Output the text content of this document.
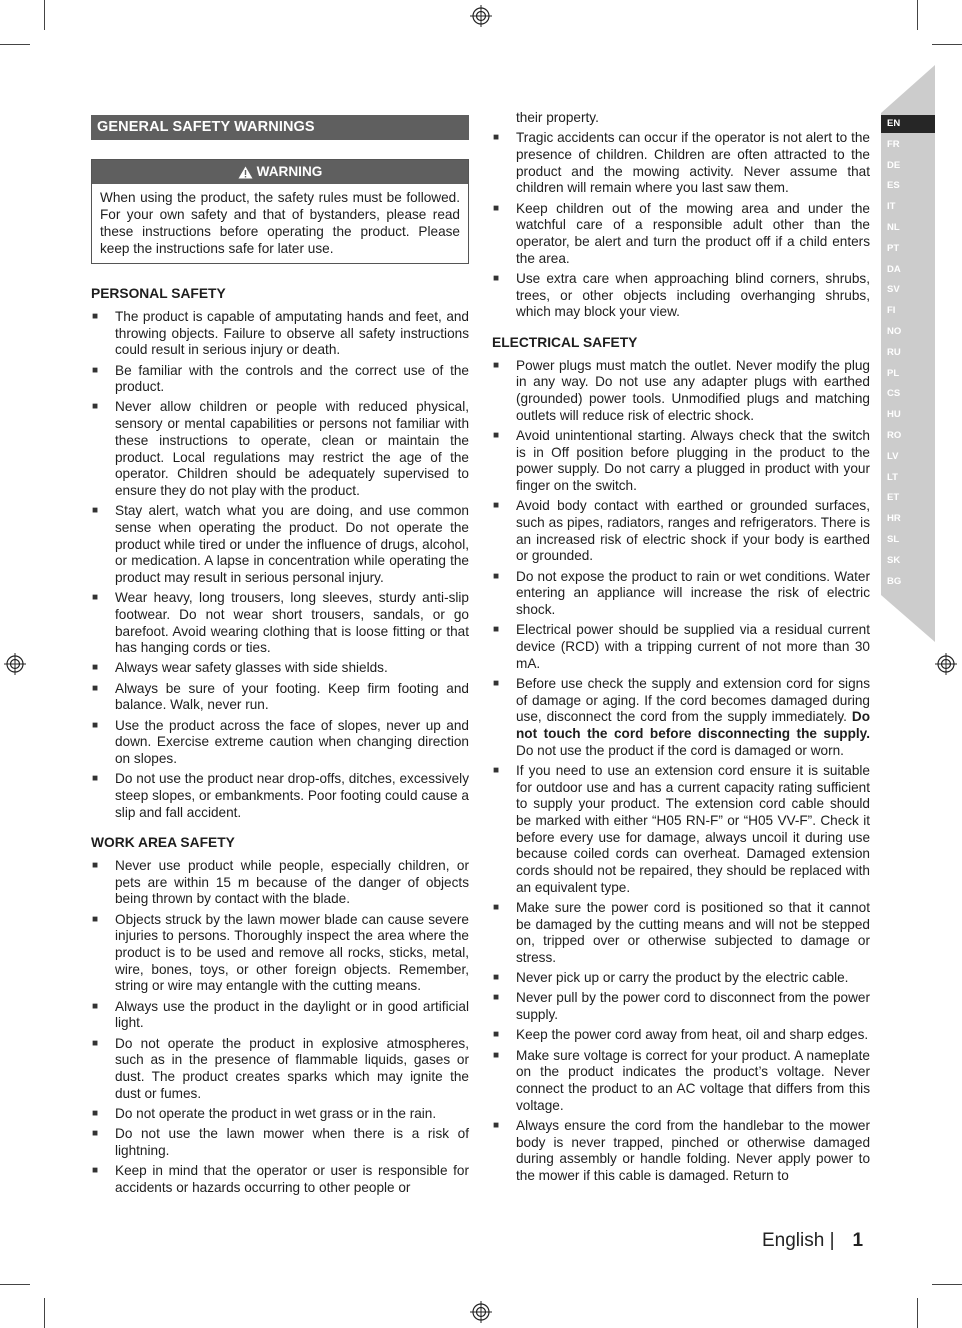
GENERAL SAFETY WARNINGS
WARNING
When using the product, the safety rules must be followed. For your own safety and that of bystanders, please read these instructions before operating the product. Please keep the instructions safe for later use.
PERSONAL SAFETY
■ The product is capable of amputating hands and feet, and throwing objects. Failure to observe all safety instructions could result in serious injury or death.
■ Be familiar with the controls and the correct use of the product.
■ Never allow children or people with reduced physical, sensory or mental capabilities or persons not familiar with these instructions to operate, clean or maintain the product. Local regulations may restrict the age of the operator. Children should be adequately supervised to ensure they do not play with the product.
■ Stay alert, watch what you are doing, and use common sense when operating the product. Do not operate the product while tired or under the influence of drugs, alcohol, or medication. A lapse in concentration while operating the product may result in serious personal injury.
■ Wear heavy, long trousers, long sleeves, sturdy anti-slip footwear. Do not wear short trousers, sandals, or go barefoot. Avoid wearing clothing that is loose fitting or that has hanging cords or ties.
■ Always wear safety glasses with side shields.
■ Always be sure of your footing. Keep firm footing and balance. Walk, never run.
■ Use the product across the face of slopes, never up and down. Exercise extreme caution when changing direction on slopes.
■ Do not use the product near drop-offs, ditches, excessively steep slopes, or embankments. Poor footing could cause a slip and fall accident.
WORK AREA SAFETY
■ Never use product while people, especially children, or pets are within 15 m because of the danger of objects being thrown by contact with the blade.
■ Objects struck by the lawn mower blade can cause severe injuries to persons. Thoroughly inspect the area where the product is to be used and remove all rocks, sticks, metal, wire, bones, toys, or other foreign objects. Remember, string or wire may entangle with the cutting means.
■ Always use the product in the daylight or in good artificial light.
■ Do not operate the product in explosive atmospheres, such as in the presence of flammable liquids, gases or dust. The product creates sparks which may ignite the dust or fumes.
■ Do not operate the product in wet grass or in the rain.
■ Do not use the lawn mower when there is a risk of lightning.
■ Keep in mind that the operator or user is responsible for accidents or hazards occurring to other people or
their property.
■ Tragic accidents can occur if the operator is not alert to the presence of children. Children are often attracted to the product and the mowing activity. Never assume that children will remain where you last saw them.
■ Keep children out of the mowing area and under the watchful care of a responsible adult other than the operator, be alert and turn the product off if a child enters the area.
■ Use extra care when approaching blind corners, shrubs, trees, or other objects including overhanging shrubs, which may block your view.
ELECTRICAL SAFETY
■ Power plugs must match the outlet. Never modify the plug in any way. Do not use any adapter plugs with earthed (grounded) power tools. Unmodified plugs and matching outlets will reduce risk of electric shock.
■ Avoid unintentional starting. Always check that the switch is in Off position before plugging in the product to the power supply. Do not carry a plugged in product with your finger on the switch.
■ Avoid body contact with earthed or grounded surfaces, such as pipes, radiators, ranges and refrigerators. There is an increased risk of electric shock if your body is earthed or grounded.
■ Do not expose the product to rain or wet conditions. Water entering an appliance will increase the risk of electric shock.
■ Electrical power should be supplied via a residual current device (RCD) with a tripping current of not more than 30 mA.
■ Before use check the supply and extension cord for signs of damage or aging. If the cord becomes damaged during use, disconnect the cord from the supply immediately. Do not touch the cord before disconnecting the supply. Do not use the product if the cord is damaged or worn.
■ If you need to use an extension cord ensure it is suitable for outdoor use and has a current capacity rating sufficient to supply your product. The extension cord cable should be marked with either “H05 RN-F” or “H05 VV-F”. Check it before every use for damage, always uncoil it during use because coiled cords can overheat. Damaged extension cords should not be repaired, they should be replaced with an equivalent type.
■ Make sure the power cord is positioned so that it cannot be damaged by the cutting means and will not be stepped on, tripped over or otherwise subjected to damage or stress.
■ Never pick up or carry the product by the electric cable.
■ Never pull by the power cord to disconnect from the power supply.
■ Keep the power cord away from heat, oil and sharp edges.
■ Make sure voltage is correct for your product. A nameplate on the product indicates the product’s voltage. Never connect the product to an AC voltage that differs from this voltage.
■ Always ensure the cord from the handlebar to the mower body is never trapped, pinched or otherwise damaged during assembly or handle folding. Never apply power to the mower if this cable is damaged. Return to
EN
FR
DE
ES
IT
NL
PT
DA
SV
FI
NO
RU
PL
CS
HU
RO
LV
LT
ET
HR
SL
SK
BG
English | 1
